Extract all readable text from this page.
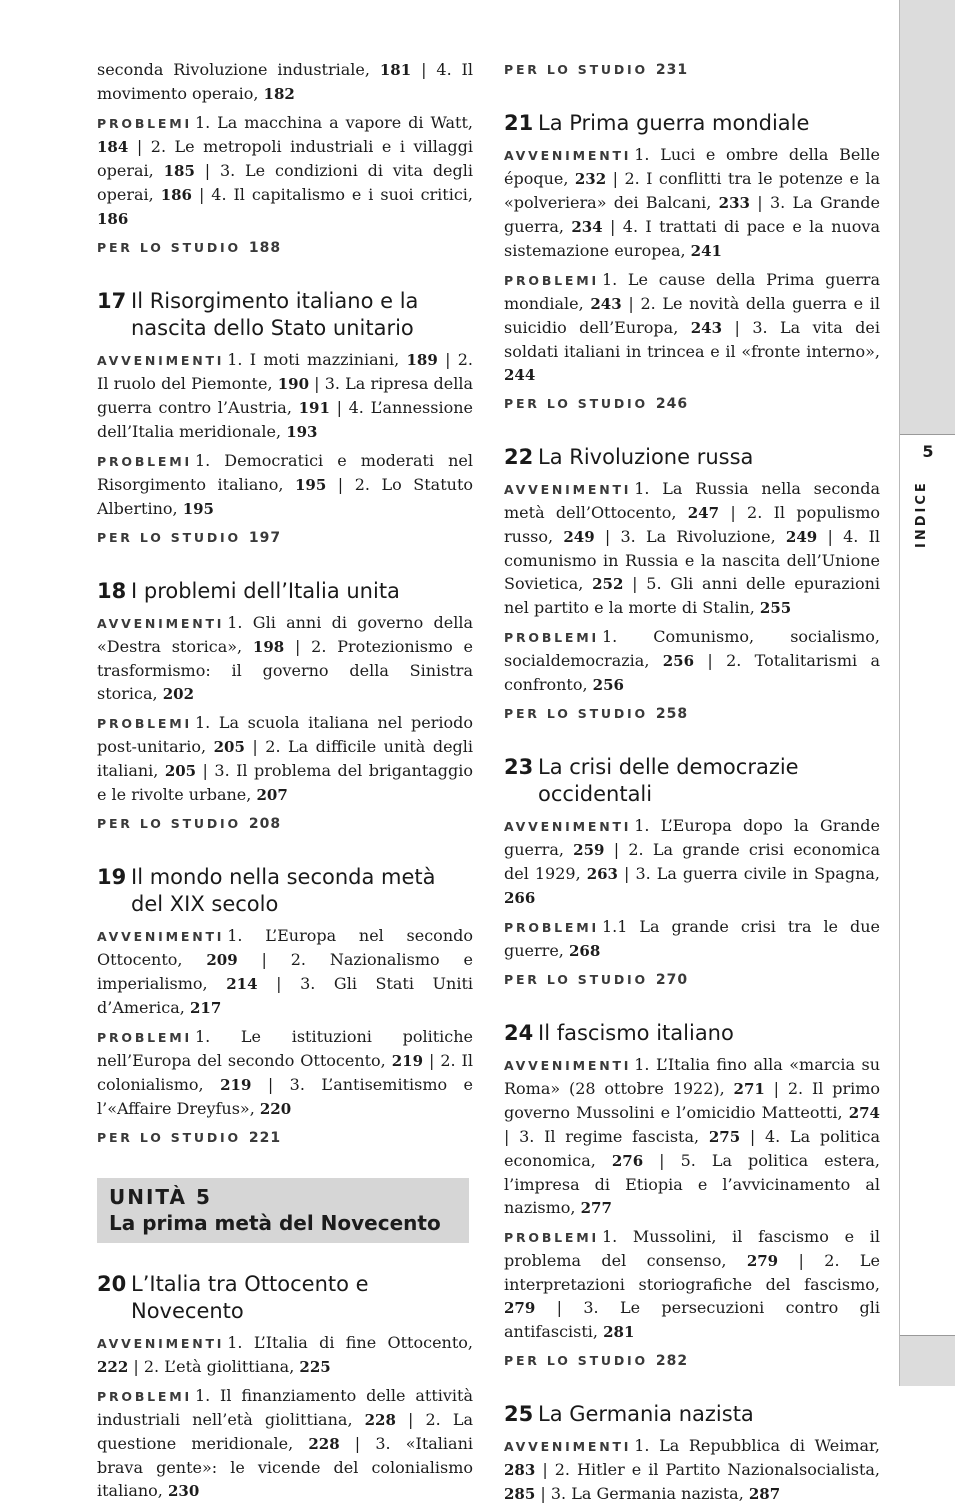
seconda Rivoluzione industriale, 181 | 4. Il movimento operaio, 182

PROBLEMI 1. La macchina a vapore di Watt, 184 | 2. Le metropoli industriali e i villaggi operai, 185 | 3. Le condizioni di vita degli operai, 186 | 4. Il capitalismo e i suoi critici, 186

PER LO STUDIO 188

17 Il Risorgimento italiano e la nascita dello Stato unitario

AVVENIMENTI 1. I moti mazziniani, 189 | 2. Il ruolo del Piemonte, 190 | 3. La ripresa della guerra contro l’Austria, 191 | 4. L’annessione dell’Italia meridionale, 193

PROBLEMI 1. Democratici e moderati nel Risorgimento italiano, 195 | 2. Lo Statuto Albertino, 195

PER LO STUDIO 197

18 I problemi dell’Italia unita

AVVENIMENTI 1. Gli anni di governo della «Destra storica», 198 | 2. Protezionismo e trasformismo: il governo della Sinistra storica, 202

PROBLEMI 1. La scuola italiana nel periodo post-unitario, 205 | 2. La difficile unità degli italiani, 205 | 3. Il problema del brigantaggio e le rivolte urbane, 207

PER LO STUDIO 208

19 Il mondo nella seconda metà del XIX secolo

AVVENIMENTI 1. L’Europa nel secondo Ottocento, 209 | 2. Nazionalismo e imperialismo, 214 | 3. Gli Stati Uniti d’America, 217

PROBLEMI 1. Le istituzioni politiche nell’Europa del secondo Ottocento, 219 | 2. Il colonialismo, 219 | 3. L’antisemitismo e l’«Affaire Dreyfus», 220

PER LO STUDIO 221

UNITÀ 5
La prima metà del Novecento
20 L’Italia tra Ottocento e Novecento

AVVENIMENTI 1. L’Italia di fine Ottocento, 222 | 2. L’età giolittiana, 225

PROBLEMI 1. Il finanziamento delle attività industriali nell’età giolittiana, 228 | 2. La questione meridionale, 228 | 3. «Italiani brava gente»: le vicende del colonialismo italiano, 230

PER LO STUDIO 231

21 La Prima guerra mondiale

AVVENIMENTI 1. Luci e ombre della Belle époque, 232 | 2. I conflitti tra le potenze e la «polveriera» dei Balcani, 233 | 3. La Grande guerra, 234 | 4. I trattati di pace e la nuova sistemazione europea, 241

PROBLEMI 1. Le cause della Prima guerra mondiale, 243 | 2. Le novità della guerra e il suicidio dell’Europa, 243 | 3. La vita dei soldati italiani in trincea e il «fronte interno», 244

PER LO STUDIO 246

22 La Rivoluzione russa

AVVENIMENTI 1. La Russia nella seconda metà dell’Ottocento, 247 | 2. Il populismo russo, 249 | 3. La Rivoluzione, 249 | 4. Il comunismo in Russia e la nascita dell’Unione Sovietica, 252 | 5. Gli anni delle epurazioni nel partito e la morte di Stalin, 255

PROBLEMI 1. Comunismo, socialismo, socialdemocrazia, 256 | 2. Totalitarismi a confronto, 256

PER LO STUDIO 258

23 La crisi delle democrazie occidentali

AVVENIMENTI 1. L’Europa dopo la Grande guerra, 259 | 2. La grande crisi economica del 1929, 263 | 3. La guerra civile in Spagna, 266

PROBLEMI 1.1 La grande crisi tra le due guerre, 268

PER LO STUDIO 270

24 Il fascismo italiano

AVVENIMENTI 1. L’Italia fino alla «marcia su Roma» (28 ottobre 1922), 271 | 2. Il primo governo Mussolini e l’omicidio Matteotti, 274 | 3. Il regime fascista, 275 | 4. La politica economica, 276 | 5. La politica estera, l’impresa di Etiopia e l’avvicinamento al nazismo, 277

PROBLEMI 1. Mussolini, il fascismo e il problema del consenso, 279 | 2. Le interpretazioni storiografiche del fascismo, 279 | 3. Le persecuzioni contro gli antifascisti, 281

PER LO STUDIO 282

25 La Germania nazista

AVVENIMENTI 1. La Repubblica di Weimar, 283 | 2. Hitler e il Partito Nazionalsocialista, 285 | 3. La Germania nazista, 287

5
INDICE
